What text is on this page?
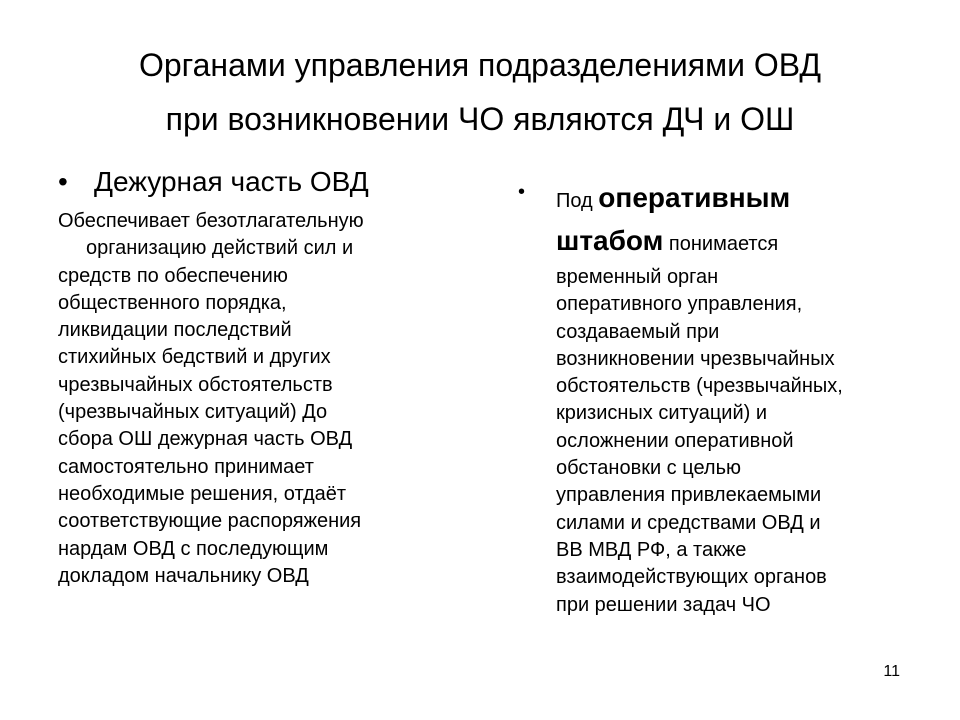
Органами управления подразделениями ОВД
при возникновении ЧО являются ДЧ и ОШ
• Дежурная часть ОВД

Обеспечивает безотлагательную
организацию действий сил и
средств по обеспечению
общественного порядка,
ликвидации последствий
стихийных бедствий и других
чрезвычайных обстоятельств
(чрезвычайных ситуаций) До
сбора ОШ дежурная часть ОВД
самостоятельно принимает
необходимые решения, отдаёт
соответствующие распоряжения
нардам ОВД с последующим
докладом начальнику ОВД

• Под оперативным
штабом понимается
временный орган
оперативного управления,
создаваемый при
возникновении чрезвычайных
обстоятельств (чрезвычайных,
кризисных ситуаций) и
осложнении оперативной
обстановки с целью
управления привлекаемыми
силами и средствами ОВД и
ВВ МВД РФ, а также
взаимодействующих органов
при решении задач ЧО

11
